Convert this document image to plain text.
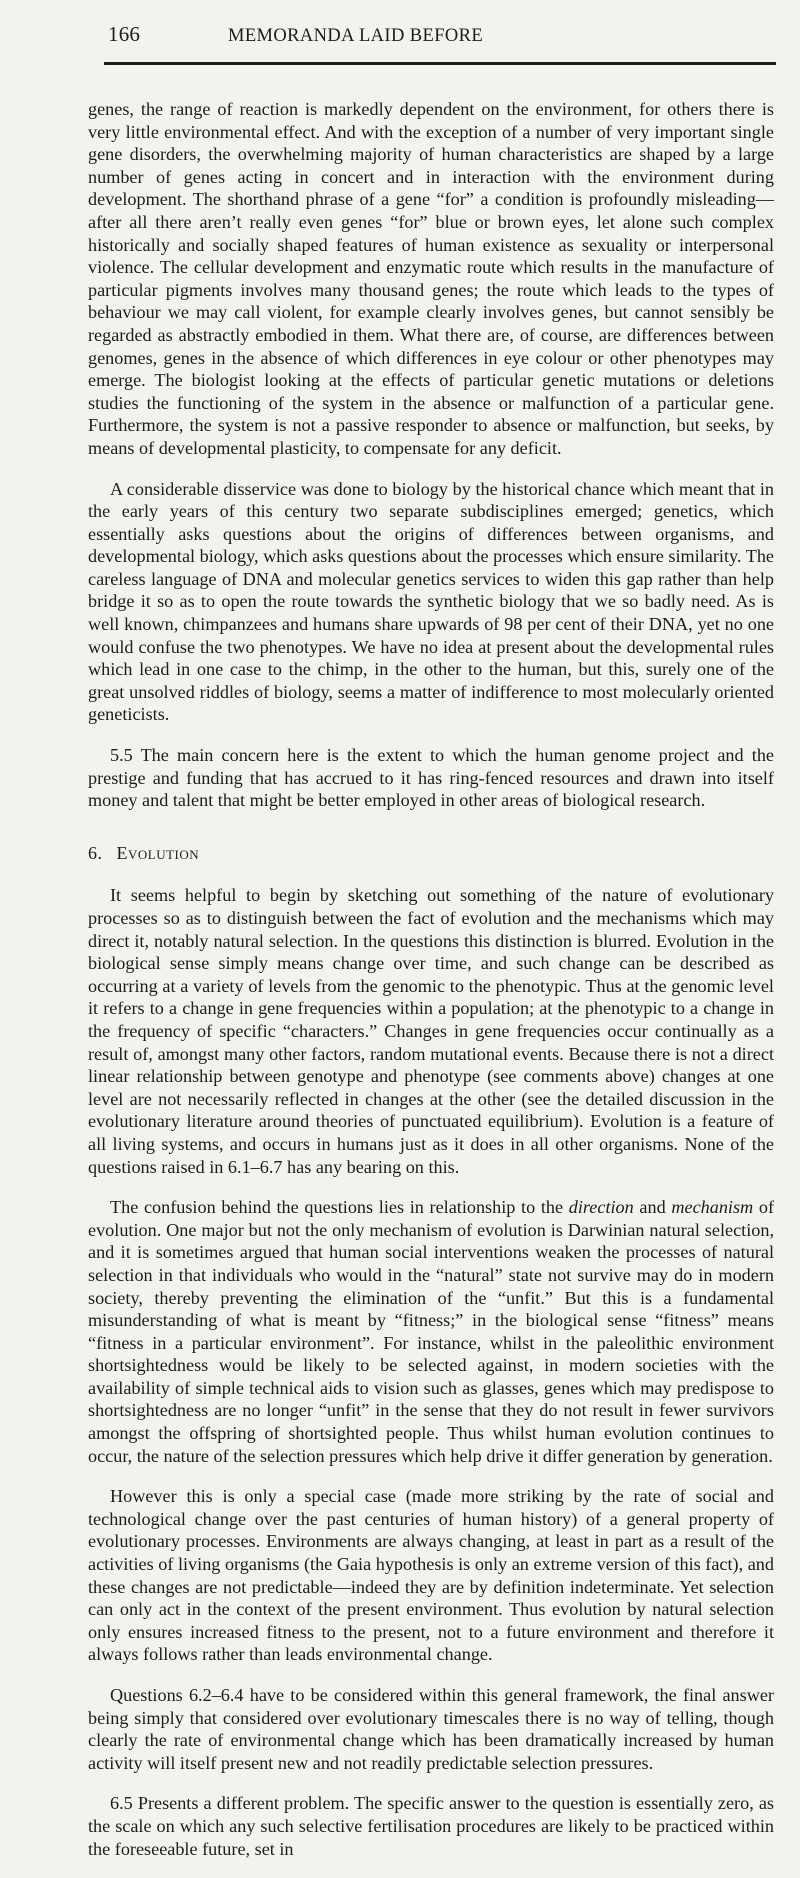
166	MEMORANDA LAID BEFORE

genes, the range of reaction is markedly dependent on the environment, for others there is very little environmental effect. And with the exception of a number of very important single gene disorders, the overwhelming majority of human characteristics are shaped by a large number of genes acting in concert and in interaction with the environment during development. The shorthand phrase of a gene “for” a condition is profoundly misleading—after all there aren’t really even genes “for” blue or brown eyes, let alone such complex historically and socially shaped features of human existence as sexuality or interpersonal violence. The cellular development and enzymatic route which results in the manufacture of particular pigments involves many thousand genes; the route which leads to the types of behaviour we may call violent, for example clearly involves genes, but cannot sensibly be regarded as abstractly embodied in them. What there are, of course, are differences between genomes, genes in the absence of which differences in eye colour or other phenotypes may emerge. The biologist looking at the effects of particular genetic mutations or deletions studies the functioning of the system in the absence or malfunction of a particular gene. Furthermore, the system is not a passive responder to absence or malfunction, but seeks, by means of developmental plasticity, to compensate for any deficit.

A considerable disservice was done to biology by the historical chance which meant that in the early years of this century two separate subdisciplines emerged; genetics, which essentially asks questions about the origins of differences between organisms, and developmental biology, which asks questions about the processes which ensure similarity. The careless language of DNA and molecular genetics services to widen this gap rather than help bridge it so as to open the route towards the synthetic biology that we so badly need. As is well known, chimpanzees and humans share upwards of 98 per cent of their DNA, yet no one would confuse the two phenotypes. We have no idea at present about the developmental rules which lead in one case to the chimp, in the other to the human, but this, surely one of the great unsolved riddles of biology, seems a matter of indifference to most molecularly oriented geneticists.

5.5 The main concern here is the extent to which the human genome project and the prestige and funding that has accrued to it has ring-fenced resources and drawn into itself money and talent that might be better employed in other areas of biological research.

6. Evolution

It seems helpful to begin by sketching out something of the nature of evolutionary processes so as to distinguish between the fact of evolution and the mechanisms which may direct it, notably natural selection. In the questions this distinction is blurred. Evolution in the biological sense simply means change over time, and such change can be described as occurring at a variety of levels from the genomic to the phenotypic. Thus at the genomic level it refers to a change in gene frequencies within a population; at the phenotypic to a change in the frequency of specific “characters.” Changes in gene frequencies occur continually as a result of, amongst many other factors, random mutational events. Because there is not a direct linear relationship between genotype and phenotype (see comments above) changes at one level are not necessarily reflected in changes at the other (see the detailed discussion in the evolutionary literature around theories of punctuated equilibrium). Evolution is a feature of all living systems, and occurs in humans just as it does in all other organisms. None of the questions raised in 6.1–6.7 has any bearing on this.

The confusion behind the questions lies in relationship to the direction and mechanism of evolution. One major but not the only mechanism of evolution is Darwinian natural selection, and it is sometimes argued that human social interventions weaken the processes of natural selection in that individuals who would in the “natural” state not survive may do in modern society, thereby preventing the elimination of the “unfit.” But this is a fundamental misunderstanding of what is meant by “fitness;” in the biological sense “fitness” means “fitness in a particular environment”. For instance, whilst in the paleolithic environment shortsightedness would be likely to be selected against, in modern societies with the availability of simple technical aids to vision such as glasses, genes which may predispose to shortsightedness are no longer “unfit” in the sense that they do not result in fewer survivors amongst the offspring of shortsighted people. Thus whilst human evolution continues to occur, the nature of the selection pressures which help drive it differ generation by generation.

However this is only a special case (made more striking by the rate of social and technological change over the past centuries of human history) of a general property of evolutionary processes. Environments are always changing, at least in part as a result of the activities of living organisms (the Gaia hypothesis is only an extreme version of this fact), and these changes are not predictable—indeed they are by definition indeterminate. Yet selection can only act in the context of the present environment. Thus evolution by natural selection only ensures increased fitness to the present, not to a future environment and therefore it always follows rather than leads environmental change.

Questions 6.2–6.4 have to be considered within this general framework, the final answer being simply that considered over evolutionary timescales there is no way of telling, though clearly the rate of environmental change which has been dramatically increased by human activity will itself present new and not readily predictable selection pressures.

6.5 Presents a different problem. The specific answer to the question is essentially zero, as the scale on which any such selective fertilisation procedures are likely to be practiced within the foreseeable future, set in
